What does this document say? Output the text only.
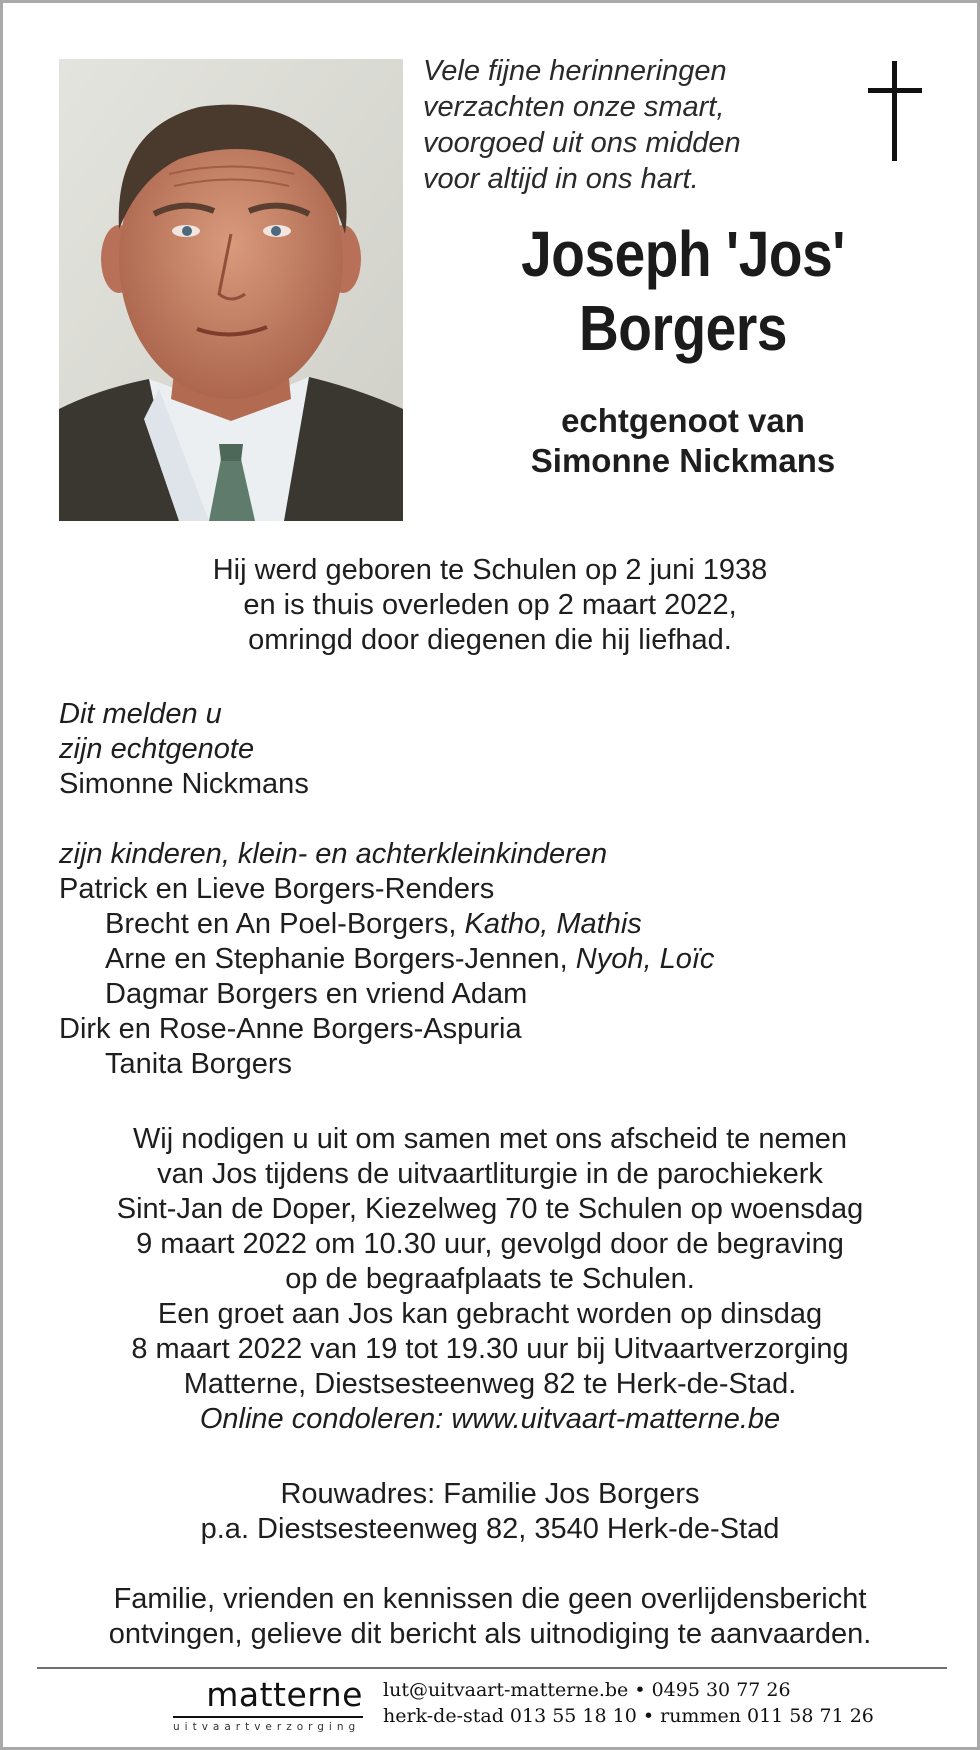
Vele fijne herinneringen
verzachten onze smart,
voorgoed uit ons midden
voor altijd in ons hart.
Joseph 'Jos'
Borgers
echtgenoot van
Simonne Nickmans
Hij werd geboren te Schulen op 2 juni 1938
en is thuis overleden op 2 maart 2022,
omringd door diegenen die hij liefhad.
Dit melden u
zijn echtgenote
Simonne Nickmans
zijn kinderen, klein- en achterkleinkinderen
Patrick en Lieve Borgers-Renders
Brecht en An Poel-Borgers, Katho, Mathis
Arne en Stephanie Borgers-Jennen, Nyoh, Loïc
Dagmar Borgers en vriend Adam
Dirk en Rose-Anne Borgers-Aspuria
Tanita Borgers
Wij nodigen u uit om samen met ons afscheid te nemen
van Jos tijdens de uitvaartliturgie in de parochiekerk
Sint-Jan de Doper, Kiezelweg 70 te Schulen op woensdag
9 maart 2022 om 10.30 uur, gevolgd door de begraving
op de begraafplaats te Schulen.
Een groet aan Jos kan gebracht worden op dinsdag
8 maart 2022 van 19 tot 19.30 uur bij Uitvaartverzorging
Matterne, Diestsesteenweg 82 te Herk-de-Stad.
Online condoleren: www.uitvaart-matterne.be
Rouwadres: Familie Jos Borgers
p.a. Diestsesteenweg 82, 3540 Herk-de-Stad
Familie, vrienden en kennissen die geen overlijdensbericht
ontvingen, gelieve dit bericht als uitnodiging te aanvaarden.
matterne
uitvaartverzorging
lut@uitvaart-matterne.be • 0495 30 77 26
herk-de-stad 013 55 18 10 • rummen 011 58 71 26
